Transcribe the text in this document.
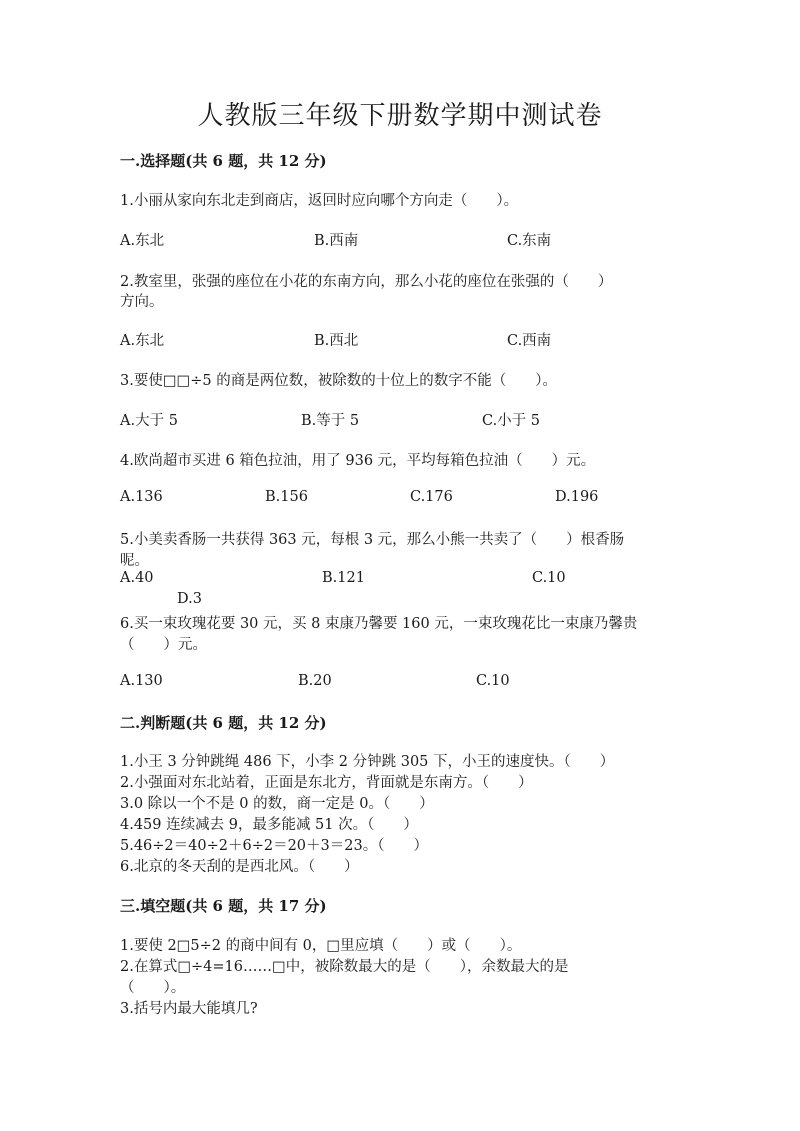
人教版三年级下册数学期中测试卷
一.选择题(共 6 题，共 12 分)
1.小丽从家向东北走到商店，返回时应向哪个方向走（　　）。
A.东北	B.西南	C.东南
2.教室里，张强的座位在小花的东南方向，那么小花的座位在张强的（　　）
方向。
A.东北	B.西北	C.西南
3.要使□□÷5 的商是两位数，被除数的十位上的数字不能（　　）。
A.大于 5	B.等于 5	C.小于 5
4.欧尚超市买进 6 箱色拉油，用了 936 元，平均每箱色拉油（　　）元。
A.136	B.156	C.176	D.196
5.小美卖香肠一共获得 363 元，每根 3 元，那么小熊一共卖了（　　）根香肠
呢。
A.40	B.121	C.10
D.3
6.买一束玫瑰花要 30 元，买 8 束康乃馨要 160 元，一束玫瑰花比一束康乃馨贵
（　　）元。
A.130	B.20	C.10
二.判断题(共 6 题，共 12 分)
1.小王 3 分钟跳绳 486 下，小李 2 分钟跳 305 下，小王的速度快。（　　）
2.小强面对东北站着，正面是东北方，背面就是东南方。（　　）
3.0 除以一个不是 0 的数，商一定是 0。（　　）
4.459 连续减去 9，最多能减 51 次。（　　）
5.46÷2＝40÷2＋6÷2＝20＋3＝23。（　　）
6.北京的冬天刮的是西北风。（　　）
三.填空题(共 6 题，共 17 分)
1.要使 2□5÷2 的商中间有 0，□里应填（　　）或（　　）。
2.在算式□÷4=16……□中，被除数最大的是（　　），余数最大的是
（　　）。
3.括号内最大能填几?
